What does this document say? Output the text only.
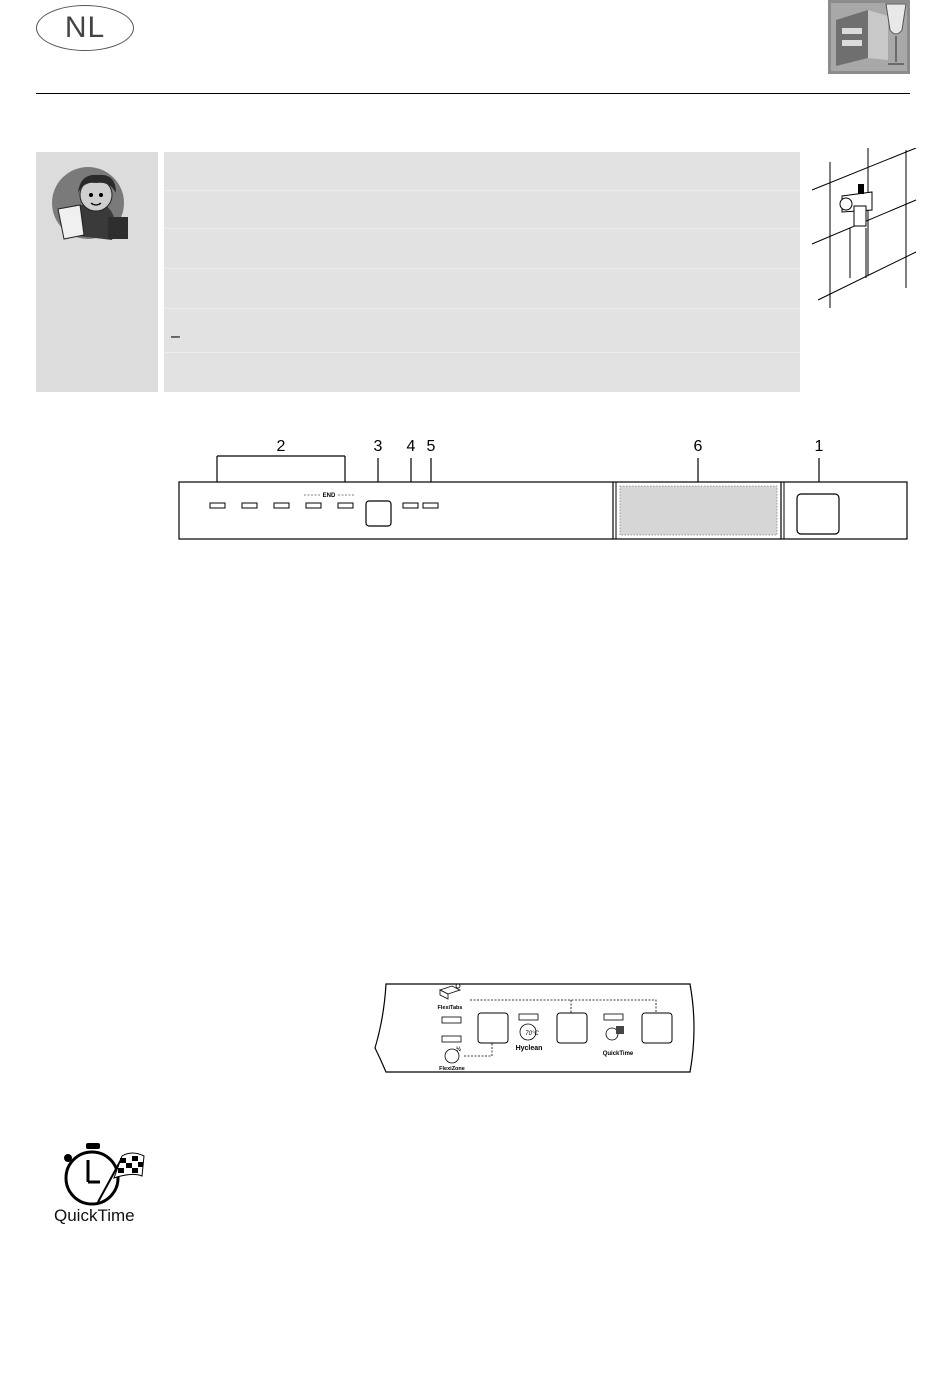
NL
–
2	3 4 5	6	1
END
FlexiTabs
½
FlexiZone
70°C
Hyclean
QuickTime
QuickTime
